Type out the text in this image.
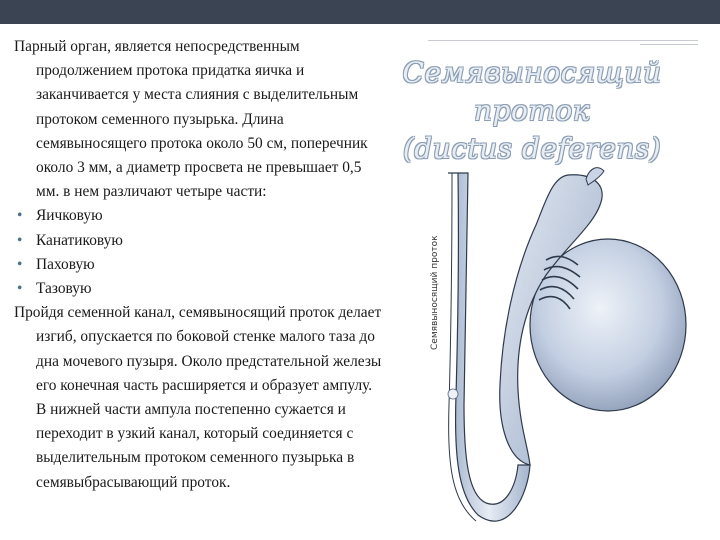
Семявыносящий проток
(ductus deferens)

Парный орган, является непосредственным продолжением протока придатка яичка и заканчивается у места слияния с выделительным протоком семенного пузырька. Длина семявыносящего протока около 50 см, поперечник около 3 мм, а диаметр просвета не превышает 0,5 мм. в нем различают четыре части:

• Яичковую
• Канатиковую
• Паховую
• Тазовую

Пройдя семенной канал, семявыносящий проток делает изгиб, опускается по боковой стенке малого таза до дна мочевого пузыря. Около предстательной железы его конечная часть расширяется и образует ампулу. В нижней части ампула постепенно сужается и переходит в узкий канал, который соединяется с выделительным протоком семенного пузырька в семявыбрасывающий проток.

Семявыносящий проток
